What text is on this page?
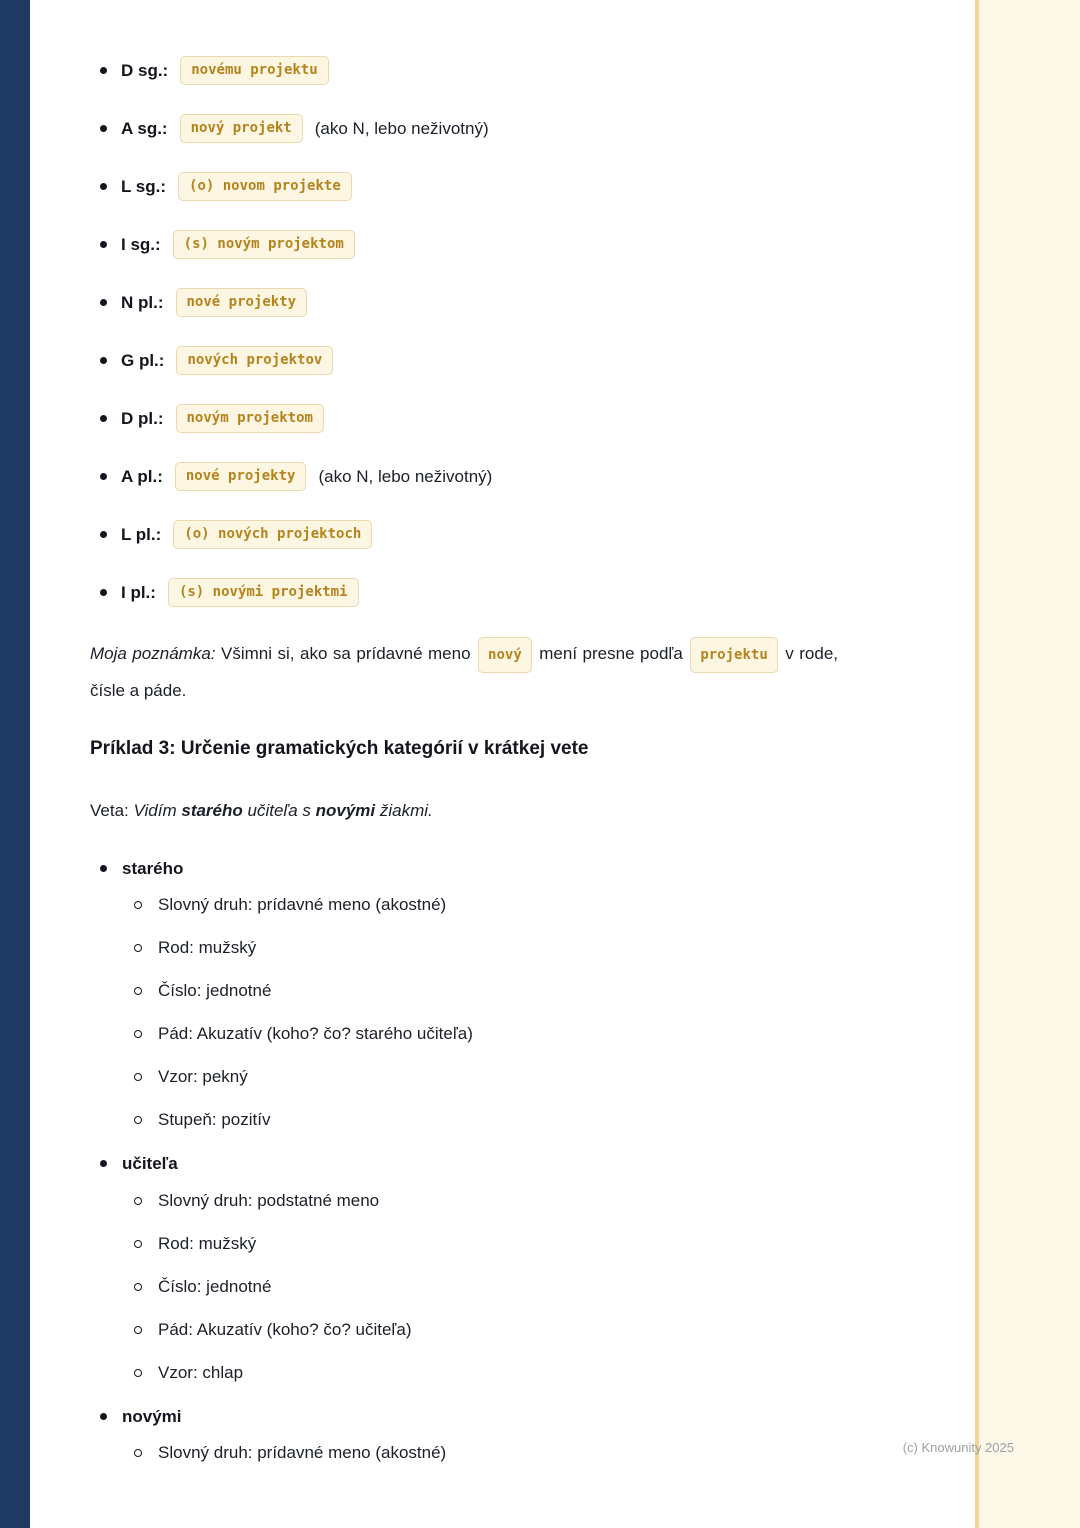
D sg.:	novému projektu
A sg.:	nový projekt	(ako N, lebo neživotný)
L sg.:	(o) novom projekte
I sg.:	(s) novým projektom
N pl.:	nové projekty
G pl.:	nových projektov
D pl.:	novým projektom
A pl.:	nové projekty	(ako N, lebo neživotný)
L pl.:	(o) nových projektoch
I pl.:	(s) novými projektmi

Moja poznámka: Všimni si, ako sa prídavné meno nový mení presne podľa projektu v rode, čísle a páde.

Príklad 3: Určenie gramatických kategórií v krátkej vete

Veta: Vidím starého učiteľa s novými žiakmi.

starého
Slovný druh: prídavné meno (akostné)
Rod: mužský
Číslo: jednotné
Pád: Akuzatív (koho? čo? starého učiteľa)
Vzor: pekný
Stupeň: pozitív
učiteľa
Slovný druh: podstatné meno
Rod: mužský
Číslo: jednotné
Pád: Akuzatív (koho? čo? učiteľa)
Vzor: chlap
novými
Slovný druh: prídavné meno (akostné)	(c) Knowunity 2025
